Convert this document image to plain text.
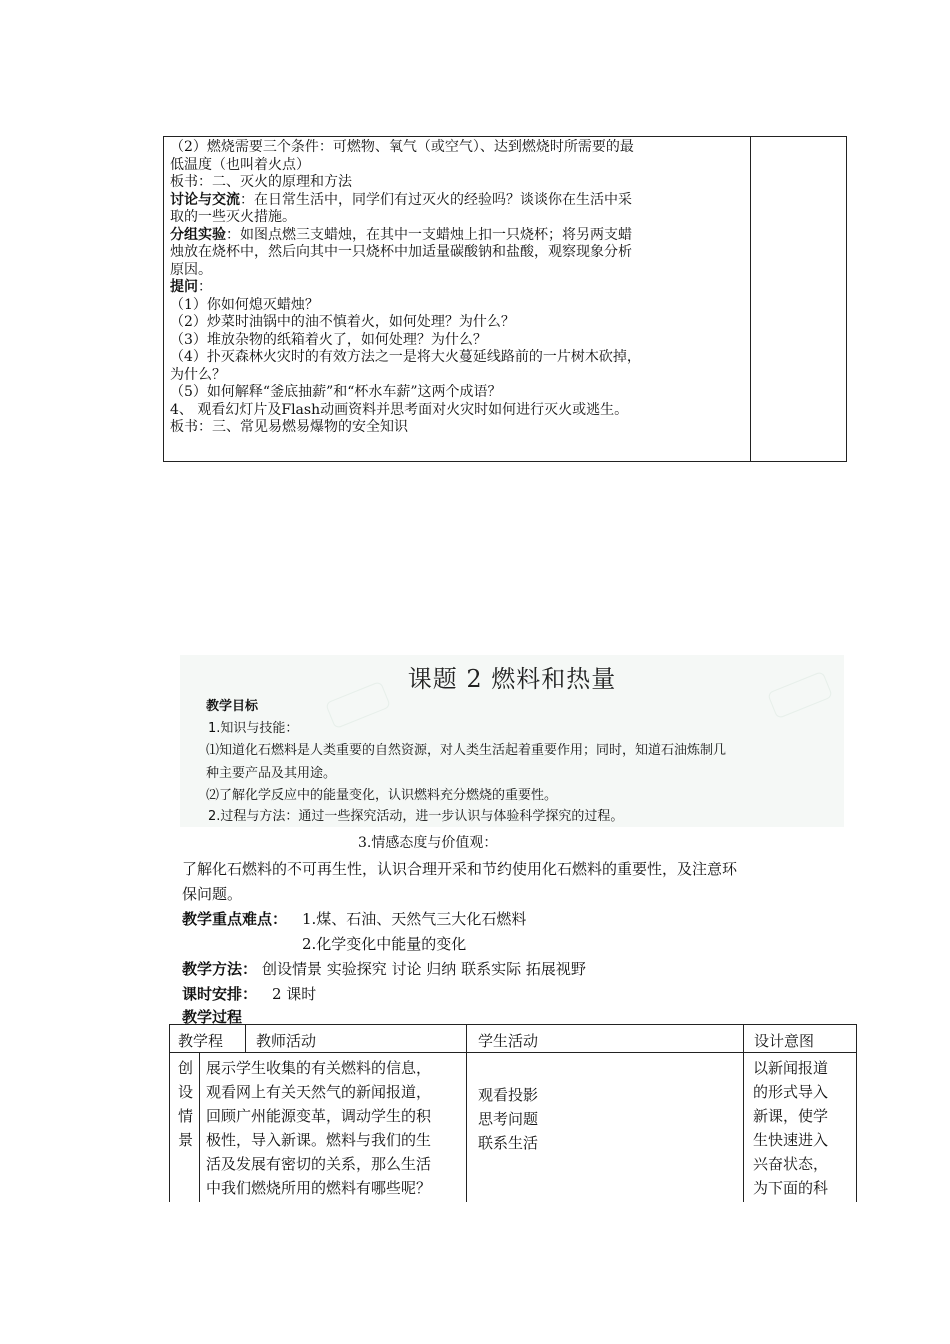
（2）燃烧需要三个条件：可燃物、氧气（或空气）、达到燃烧时所需要的最
低温度（也叫着火点）
板书：二、灭火的原理和方法
讨论与交流：在日常生活中，同学们有过灭火的经验吗？谈谈你在生活中采
取的一些灭火措施。
分组实验：如图点燃三支蜡烛，在其中一支蜡烛上扣一只烧杯；将另两支蜡
烛放在烧杯中，然后向其中一只烧杯中加适量碳酸钠和盐酸，观察现象分析
原因。
提问：
（1）你如何熄灭蜡烛？
（2）炒菜时油锅中的油不慎着火，如何处理？为什么？
（3）堆放杂物的纸箱着火了，如何处理？为什么？
（4）扑灭森林火灾时的有效方法之一是将大火蔓延线路前的一片树木砍掉，
为什么？
（5）如何解释“釜底抽薪”和“杯水车薪”这两个成语？
4、 观看幻灯片及Flash动画资料并思考面对火灾时如何进行灭火或逃生。
板书：三、常见易燃易爆物的安全知识
课题 2 燃料和热量
教学目标
1.知识与技能：
⑴知道化石燃料是人类重要的自然资源，对人类生活起着重要作用；同时，知道石油炼制几
种主要产品及其用途。
⑵了解化学反应中的能量变化，认识燃料充分燃烧的重要性。
2.过程与方法：通过一些探究活动，进一步认识与体验科学探究的过程。
3.情感态度与价值观：
了解化石燃料的不可再生性，认识合理开采和节约使用化石燃料的重要性，及注意环
保问题。
教学重点难点： 1.煤、石油、天然气三大化石燃料
2.化学变化中能量的变化
教学方法： 创设情景 实验探究 讨论 归纳 联系实际 拓展视野
课时安排： 2 课时
教学过程
教学程 教师活动	学生活动	设计意图
创
设
情
景
展示学生收集的有关燃料的信息，
观看网上有关天然气的新闻报道，
回顾广州能源变革，调动学生的积
极性，导入新课。燃料与我们的生
活及发展有密切的关系，那么生活
中我们燃烧所用的燃料有哪些呢？
观看投影
思考问题
联系生活
以新闻报道
的形式导入
新课，使学
生快速进入
兴奋状态，
为下面的科
